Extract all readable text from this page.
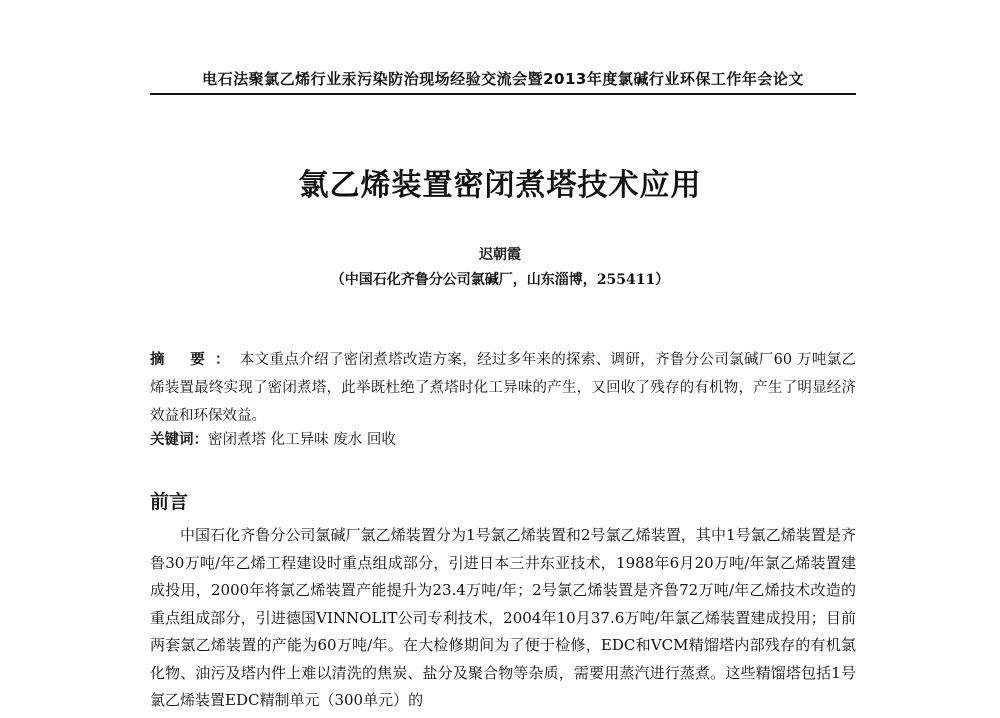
电石法聚氯乙烯行业汞污染防治现场经验交流会暨2013年度氯碱行业环保工作年会论文
氯乙烯装置密闭煮塔技术应用
迟朝霞
（中国石化齐鲁分公司氯碱厂，山东淄博，255411）
摘 要：本文重点介绍了密闭煮塔改造方案，经过多年来的探索、调研，齐鲁分公司氯碱厂60 万吨氯乙烯装置最终实现了密闭煮塔，此举既杜绝了煮塔时化工异味的产生，又回收了残存的有机物，产生了明显经济效益和环保效益。
关键词：密闭煮塔 化工异味 废水 回收
前言
中国石化齐鲁分公司氯碱厂氯乙烯装置分为1号氯乙烯装置和2号氯乙烯装置，其中1号氯乙烯装置是齐鲁30万吨/年乙烯工程建设时重点组成部分，引进日本三井东亚技术，1988年6月20万吨/年氯乙烯装置建成投用，2000年将氯乙烯装置产能提升为23.4万吨/年；2号氯乙烯装置是齐鲁72万吨/年乙烯技术改造的重点组成部分，引进德国VINNOLIT公司专利技术，2004年10月37.6万吨/年氯乙烯装置建成投用；目前两套氯乙烯装置的产能为60万吨/年。在大检修期间为了便于检修，EDC和VCM精馏塔内部残存的有机氯化物、油污及塔内件上难以清洗的焦炭、盐分及聚合物等杂质，需要用蒸汽进行蒸煮。这些精馏塔包括1号氯乙烯装置EDC精制单元（300单元）的
